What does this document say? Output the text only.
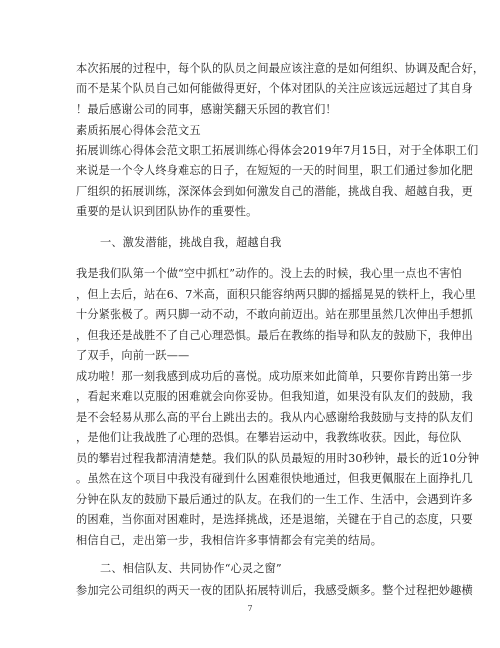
本次拓展的过程中，每个队的队员之间最应该注意的是如何组织、协调及配合好，
而不是某个队员自己如何能做得更好，个体对团队的关注应该远远超过了其自身
！最后感谢公司的同事，感谢笑翻天乐园的教官们！
素质拓展心得体会范文五
拓展训练心得体会范文职工拓展训练心得体会2019年7月15日，对于全体职工们
来说是一个令人终身难忘的日子，在短短的一天的时间里，职工们通过参加化肥
厂组织的拓展训练，深深体会到如何激发自己的潜能，挑战自我、超越自我，更
重要的是认识到团队协作的重要性。
一、激发潜能，挑战自我，超越自我
我是我们队第一个做“空中抓杠”动作的。没上去的时候，我心里一点也不害怕
，但上去后，站在6、7米高，面积只能容纳两只脚的摇摇晃晃的铁杆上，我心里
十分紧张极了。两只脚一动不动，不敢向前迈出。站在那里虽然几次伸出手想抓
，但我还是战胜不了自己心理恐惧。最后在教练的指导和队友的鼓励下，我伸出
了双手，向前一跃——
成功啦！那一刻我感到成功后的喜悦。成功原来如此简单，只要你肯跨出第一步
，看起来难以克服的困难就会向你妥协。但我知道，如果没有队友们的鼓励，我
是不会轻易从那么高的平台上跳出去的。我从内心感谢给我鼓励与支持的队友们
，是他们让我战胜了心理的恐惧。在攀岩运动中，我教练收获。因此，每位队
员的攀岩过程我都清清楚楚。我们队的队员最短的用时30秒钟，最长的近10分钟
。虽然在这个项目中我没有碰到什么困难很快地通过，但我更佩服在上面挣扎几
分钟在队友的鼓励下最后通过的队友。在我们的一生工作、生活中，会遇到许多
的困难，当你面对困难时，是选择挑战，还是退缩，关键在于自己的态度，只要
相信自己，走出第一步，我相信许多事情都会有完美的结局。
二、相信队友、共同协作“心灵之窗”
参加完公司组织的两天一夜的团队拓展特训后，我感受颇多。整个过程把妙趣横
7
